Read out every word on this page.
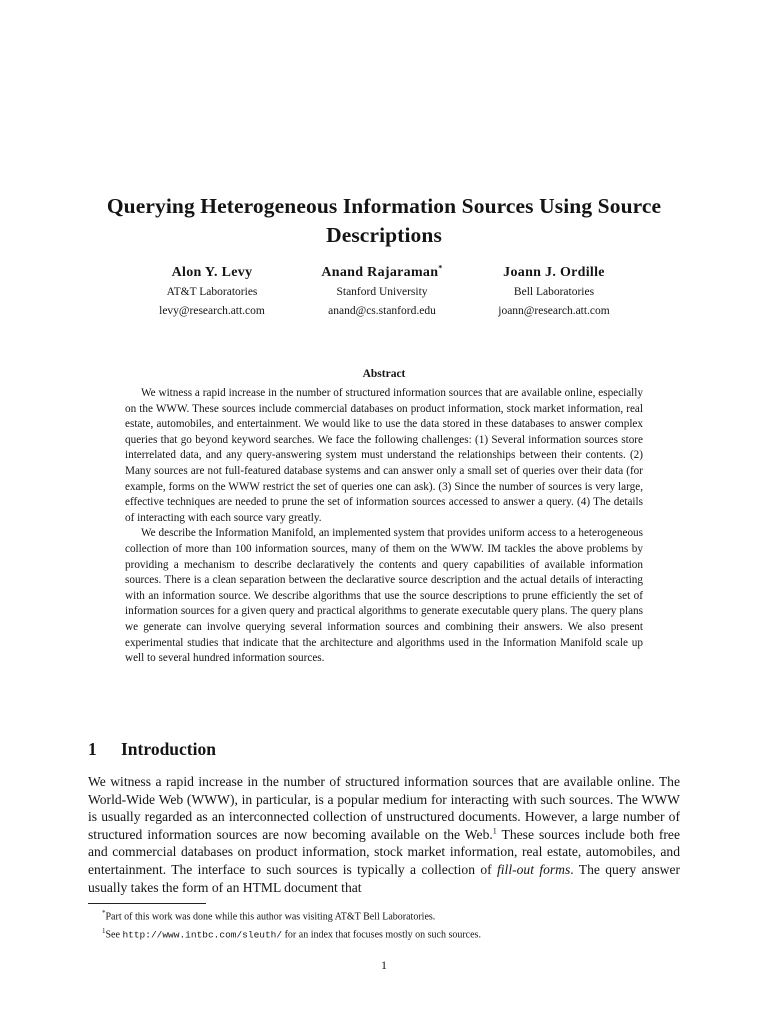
Querying Heterogeneous Information Sources Using Source Descriptions
Alon Y. Levy
AT&T Laboratories
levy@research.att.com
Anand Rajaraman*
Stanford University
anand@cs.stanford.edu
Joann J. Ordille
Bell Laboratories
joann@research.att.com
Abstract

We witness a rapid increase in the number of structured information sources that are available online, especially on the WWW. These sources include commercial databases on product information, stock market information, real estate, automobiles, and entertainment. We would like to use the data stored in these databases to answer complex queries that go beyond keyword searches. We face the following challenges: (1) Several information sources store interrelated data, and any query-answering system must understand the relationships between their contents. (2) Many sources are not full-featured database systems and can answer only a small set of queries over their data (for example, forms on the WWW restrict the set of queries one can ask). (3) Since the number of sources is very large, effective techniques are needed to prune the set of information sources accessed to answer a query. (4) The details of interacting with each source vary greatly.

We describe the Information Manifold, an implemented system that provides uniform access to a heterogeneous collection of more than 100 information sources, many of them on the WWW. IM tackles the above problems by providing a mechanism to describe declaratively the contents and query capabilities of available information sources. There is a clean separation between the declarative source description and the actual details of interacting with an information source. We describe algorithms that use the source descriptions to prune efficiently the set of information sources for a given query and practical algorithms to generate executable query plans. The query plans we generate can involve querying several information sources and combining their answers. We also present experimental studies that indicate that the architecture and algorithms used in the Information Manifold scale up well to several hundred information sources.

1 Introduction

We witness a rapid increase in the number of structured information sources that are available online. The World-Wide Web (WWW), in particular, is a popular medium for interacting with such sources. The WWW is usually regarded as an interconnected collection of unstructured documents. However, a large number of structured information sources are now becoming available on the Web.$^1$ These sources include both free and commercial databases on product information, stock market information, real estate, automobiles, and entertainment. The interface to such sources is typically a collection of fill-out forms. The query answer usually takes the form of an HTML document that

*Part of this work was done while this author was visiting AT&T Bell Laboratories.
$^1$See http://www.intbc.com/sleuth/ for an index that focuses mostly on such sources.
1
